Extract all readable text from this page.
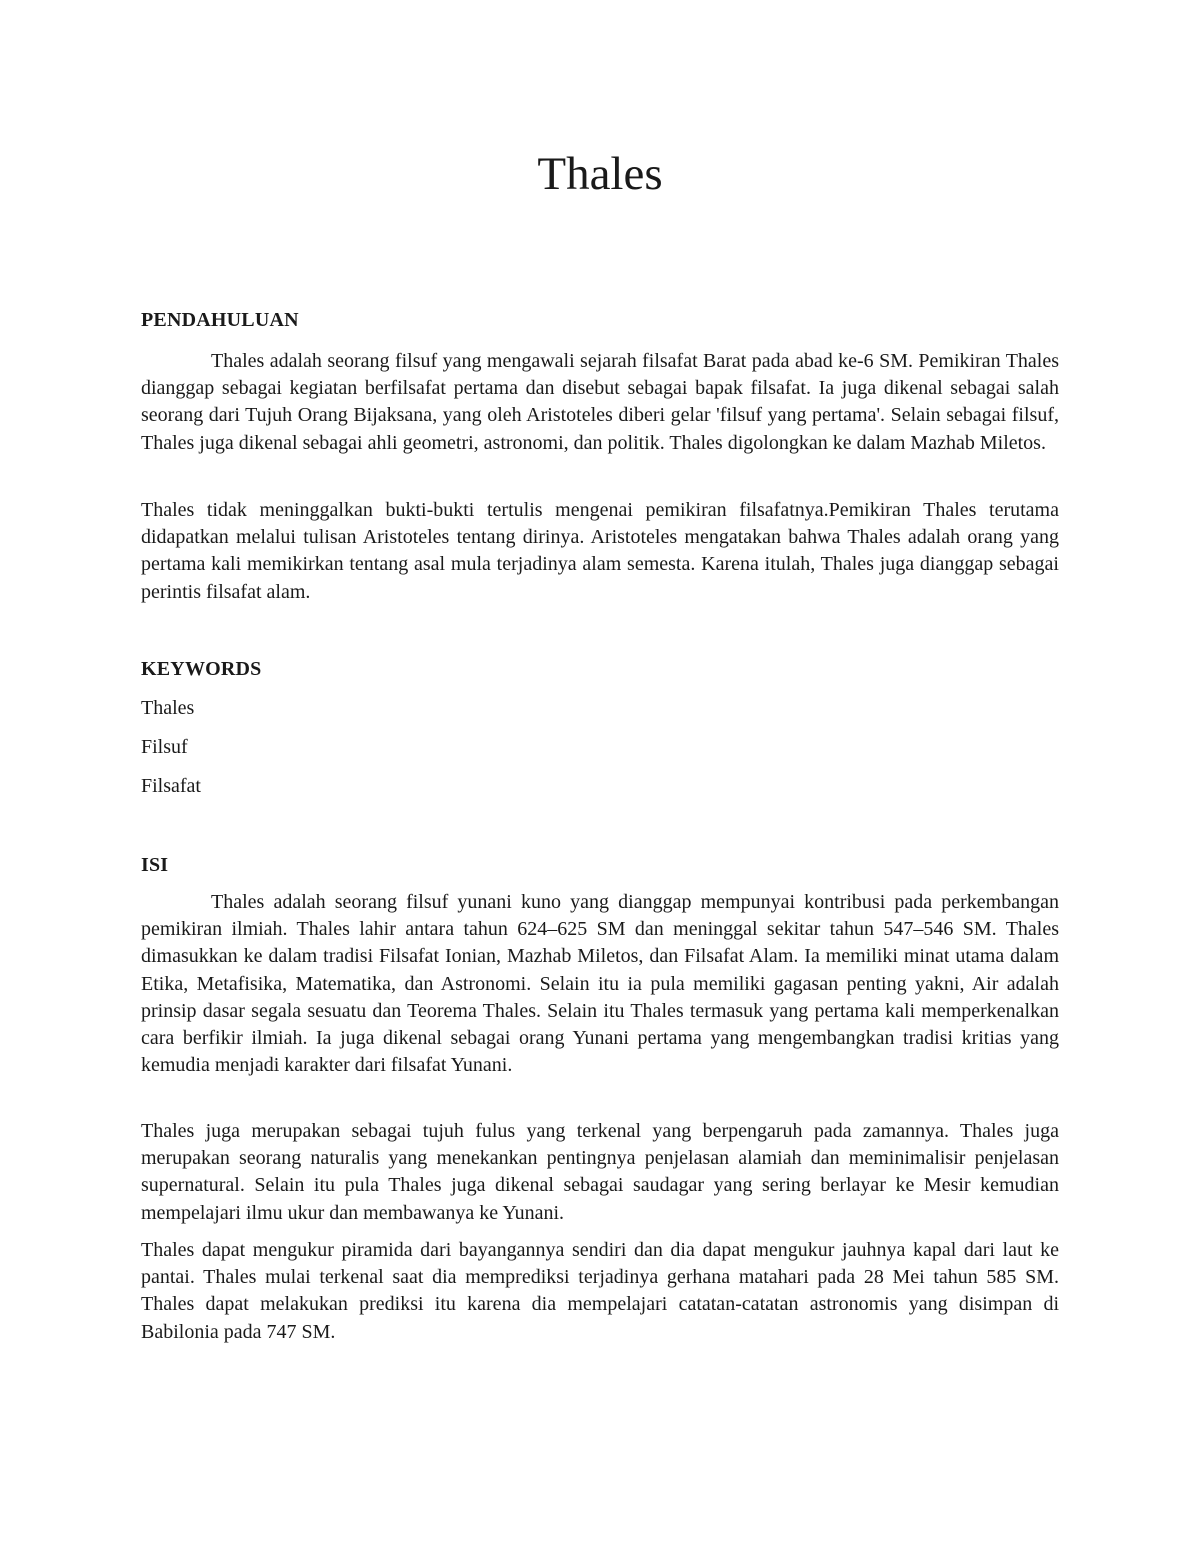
Thales
PENDAHULUAN

Thales adalah seorang filsuf yang mengawali sejarah filsafat Barat pada abad ke-6 SM. Pemikiran Thales dianggap sebagai kegiatan berfilsafat pertama dan disebut sebagai bapak filsafat. Ia juga dikenal sebagai salah seorang dari Tujuh Orang Bijaksana, yang oleh Aristoteles diberi gelar 'filsuf yang pertama'. Selain sebagai filsuf, Thales juga dikenal sebagai ahli geometri, astronomi, dan politik. Thales digolongkan ke dalam Mazhab Miletos.

Thales tidak meninggalkan bukti-bukti tertulis mengenai pemikiran filsafatnya.Pemikiran Thales terutama didapatkan melalui tulisan Aristoteles tentang dirinya. Aristoteles mengatakan bahwa Thales adalah orang yang pertama kali memikirkan tentang asal mula terjadinya alam semesta. Karena itulah, Thales juga dianggap sebagai perintis filsafat alam.

KEYWORDS

Thales

Filsuf

Filsafat

ISI

Thales adalah seorang filsuf yunani kuno yang dianggap mempunyai kontribusi pada perkembangan pemikiran ilmiah. Thales lahir antara tahun 624–625 SM dan meninggal sekitar tahun 547–546 SM. Thales dimasukkan ke dalam tradisi Filsafat Ionian, Mazhab Miletos, dan Filsafat Alam. Ia memiliki minat utama dalam Etika, Metafisika, Matematika, dan Astronomi. Selain itu ia pula memiliki gagasan penting yakni, Air adalah prinsip dasar segala sesuatu dan Teorema Thales. Selain itu Thales termasuk yang pertama kali memperkenalkan cara berfikir ilmiah. Ia juga dikenal sebagai orang Yunani pertama yang mengembangkan tradisi kritias yang kemudia menjadi karakter dari filsafat Yunani.

Thales juga merupakan sebagai tujuh fulus yang terkenal yang berpengaruh pada zamannya. Thales juga merupakan seorang naturalis yang menekankan pentingnya penjelasan alamiah dan meminimalisir penjelasan supernatural. Selain itu pula Thales juga dikenal sebagai saudagar yang sering berlayar ke Mesir kemudian mempelajari ilmu ukur dan membawanya ke Yunani.

Thales dapat mengukur piramida dari bayangannya sendiri dan dia dapat mengukur jauhnya kapal dari laut ke pantai. Thales mulai terkenal saat dia memprediksi terjadinya gerhana matahari pada 28 Mei tahun 585 SM. Thales dapat melakukan prediksi itu karena dia mempelajari catatan-catatan astronomis yang disimpan di Babilonia pada 747 SM.
